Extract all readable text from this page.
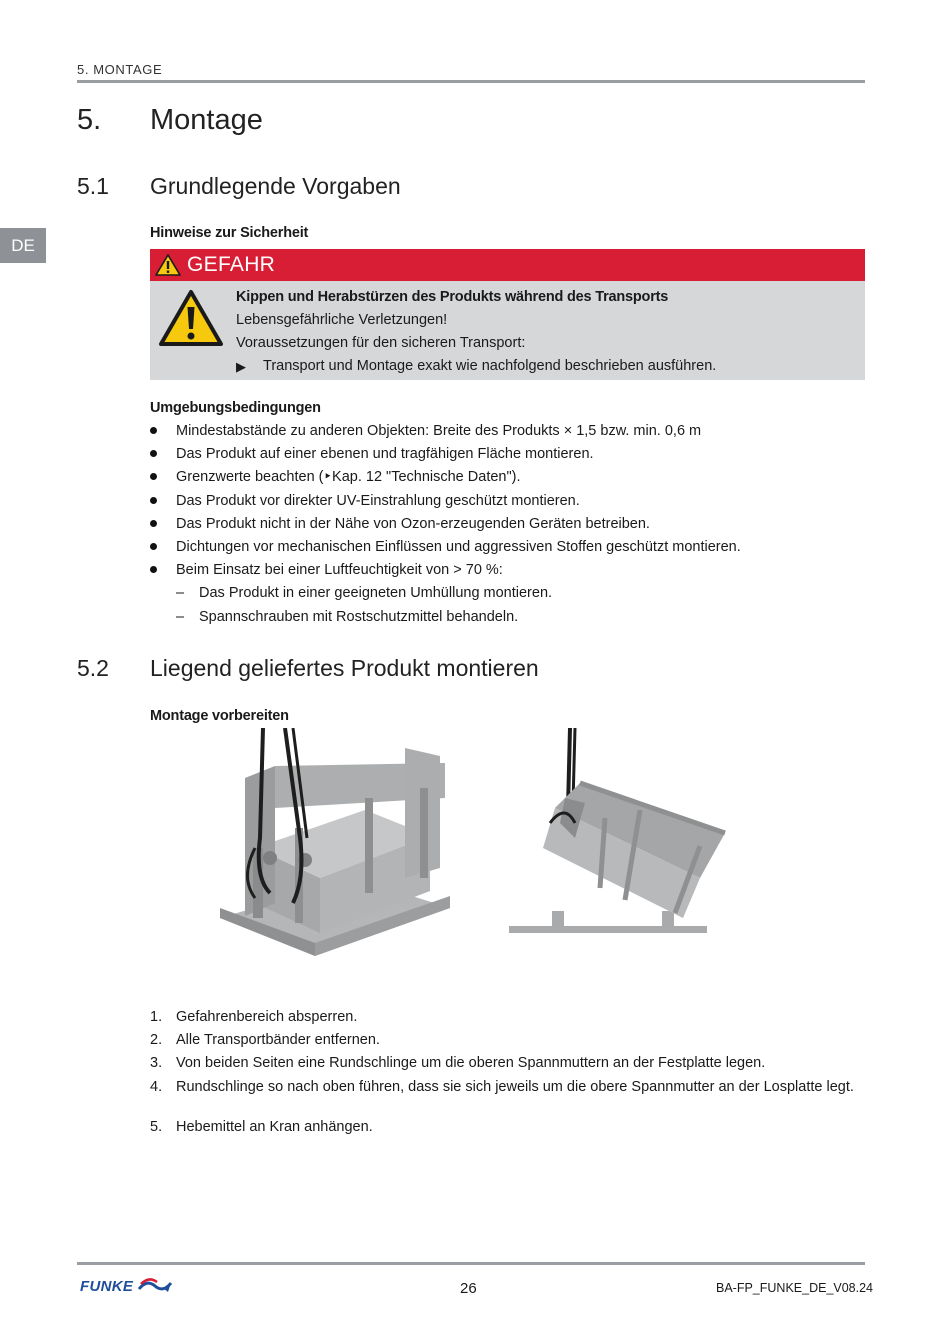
5. MONTAGE
DE
5. Montage
5.1 Grundlegende Vorgaben
Hinweise zur Sicherheit
GEFAHR
Kippen und Herabstürzen des Produkts während des Transports
Lebensgefährliche Verletzungen!
Voraussetzungen für den sicheren Transport:
▶	Transport und Montage exakt wie nachfolgend beschrieben ausführen.
Umgebungsbedingungen
Mindestabstände zu anderen Objekten: Breite des Produkts × 1,5 bzw. min. 0,6 m
Das Produkt auf einer ebenen und tragfähigen Fläche montieren.
Grenzwerte beachten (‣Kap. 12 "Technische Daten").
Das Produkt vor direkter UV-Einstrahlung geschützt montieren.
Das Produkt nicht in der Nähe von Ozon-erzeugenden Geräten betreiben.
Dichtungen vor mechanischen Einflüssen und aggressiven Stoffen geschützt montieren.
Beim Einsatz bei einer Luftfeuchtigkeit von > 70 %:
– Das Produkt in einer geeigneten Umhüllung montieren.
– Spannschrauben mit Rostschutzmittel behandeln.
5.2 Liegend geliefertes Produkt montieren
Montage vorbereiten
1. Gefahrenbereich absperren.
2. Alle Transportbänder entfernen.
3. Von beiden Seiten eine Rundschlinge um die oberen Spannmuttern an der Festplatte legen.
4. Rundschlinge so nach oben führen, dass sie sich jeweils um die obere Spannmutter an der Losplatte legt.
5. Hebemittel an Kran anhängen.
FUNKE	26	BA-FP_FUNKE_DE_V08.24
